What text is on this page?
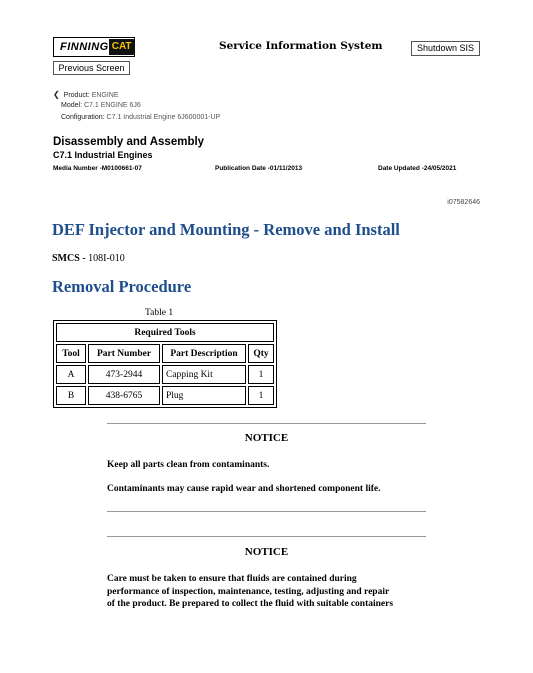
FINNING CAT
Previous Screen
Service Information System	Shutdown SIS
❮ Product: ENGINE
Model: C7.1 ENGINE 6J6
Configuration: C7.1 Industrial Engine 6J600001-UP
Disassembly and Assembly
C7.1 Industrial Engines
Media Number -M0100661-07	Publication Date -01/11/2013	Date Updated -24/05/2021
i07582646
DEF Injector and Mounting - Remove and Install
SMCS - 108I-010
Removal Procedure
Table 1
Required Tools			
Tool	Part Number	Part Description	Qty
A	473-2944	Capping Kit	1
B	438-6765	Plug	1
NOTICE
Keep all parts clean from contaminants.
Contaminants may cause rapid wear and shortened component life.
NOTICE
Care must be taken to ensure that fluids are contained during
performance of inspection, maintenance, testing, adjusting and repair
of the product. Be prepared to collect the fluid with suitable containers
